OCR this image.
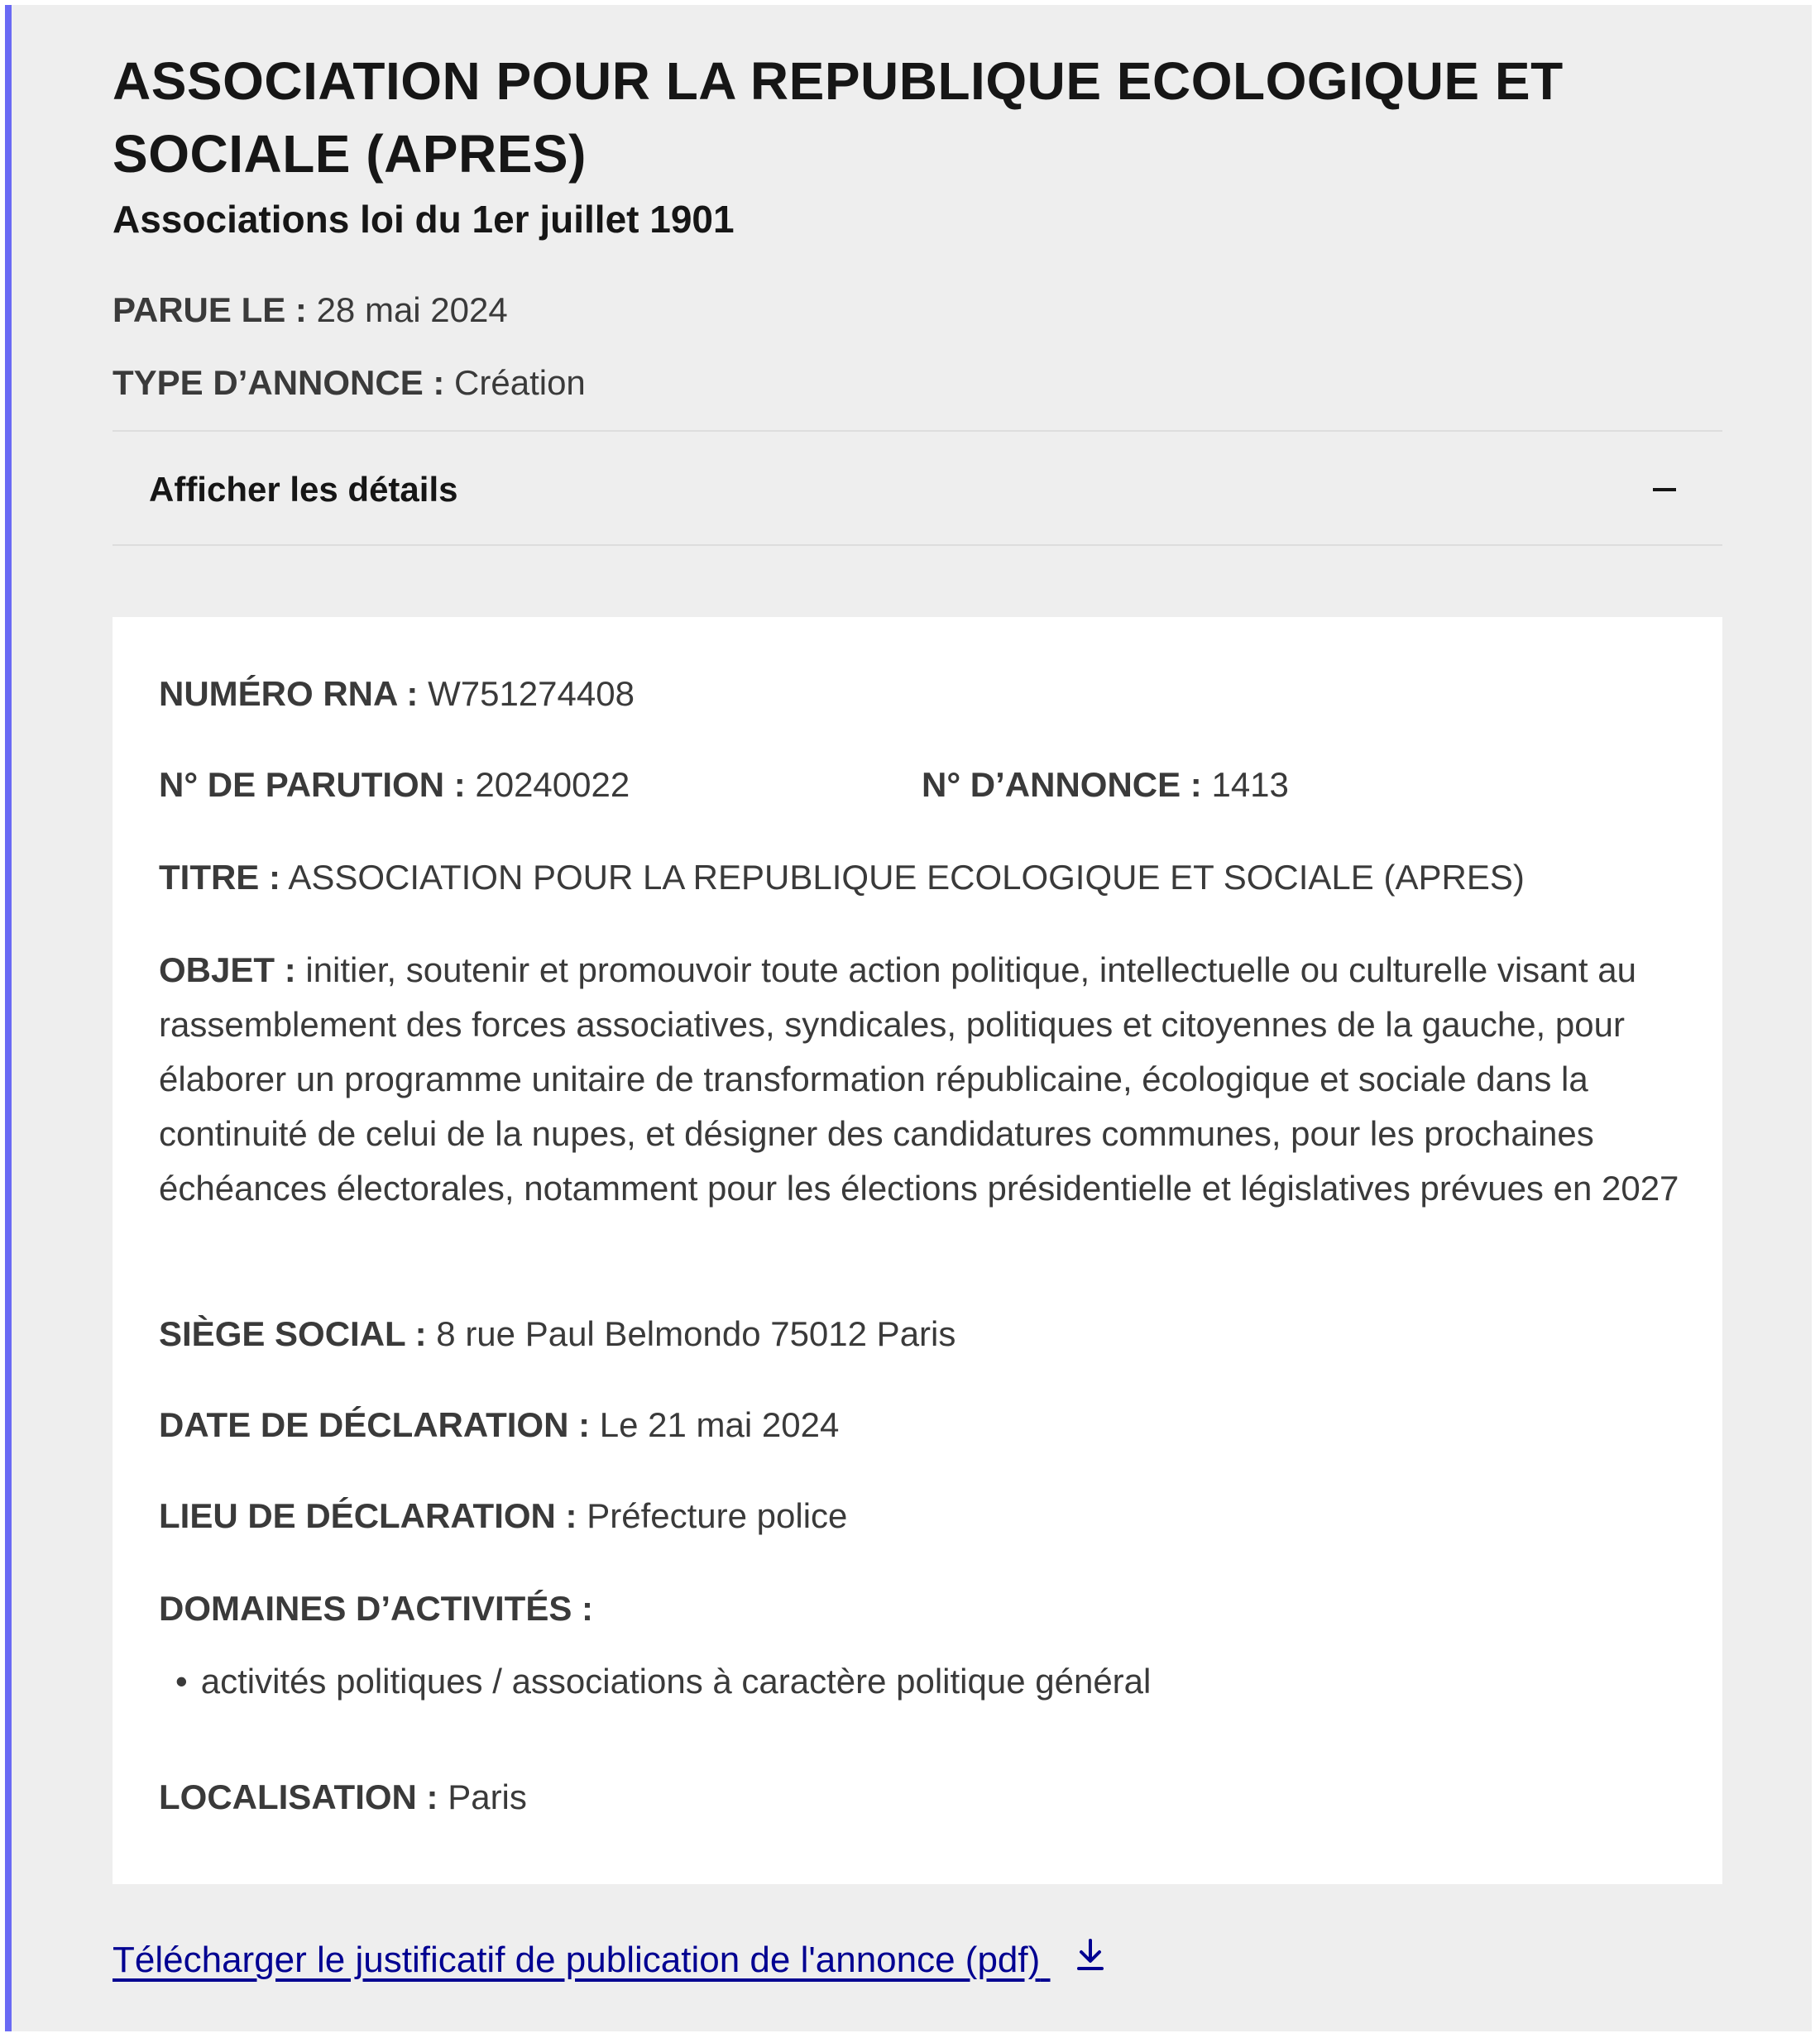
ASSOCIATION POUR LA REPUBLIQUE ECOLOGIQUE ET SOCIALE (APRES)

Associations loi du 1er juillet 1901

PARUE LE : 28 mai 2024
TYPE D’ANNONCE : Création
Afficher les détails
NUMÉRO RNA : W751274408
N° DE PARUTION : 20240022	N° D’ANNONCE : 1413
TITRE : ASSOCIATION POUR LA REPUBLIQUE ECOLOGIQUE ET SOCIALE (APRES)
OBJET : initier, soutenir et promouvoir toute action politique, intellectuelle ou culturelle visant au rassemblement des forces associatives, syndicales, politiques et citoyennes de la gauche, pour élaborer un programme unitaire de transformation républicaine, écologique et sociale dans la continuité de celui de la nupes, et désigner des candidatures communes, pour les prochaines échéances électorales, notamment pour les élections présidentielle et législatives prévues en 2027
SIÈGE SOCIAL : 8 rue Paul Belmondo 75012 Paris
DATE DE DÉCLARATION : Le 21 mai 2024
LIEU DE DÉCLARATION : Préfecture police
DOMAINES D’ACTIVITÉS :
• activités politiques / associations à caractère politique général
LOCALISATION : Paris
Télécharger le justificatif de publication de l'annonce (pdf)
